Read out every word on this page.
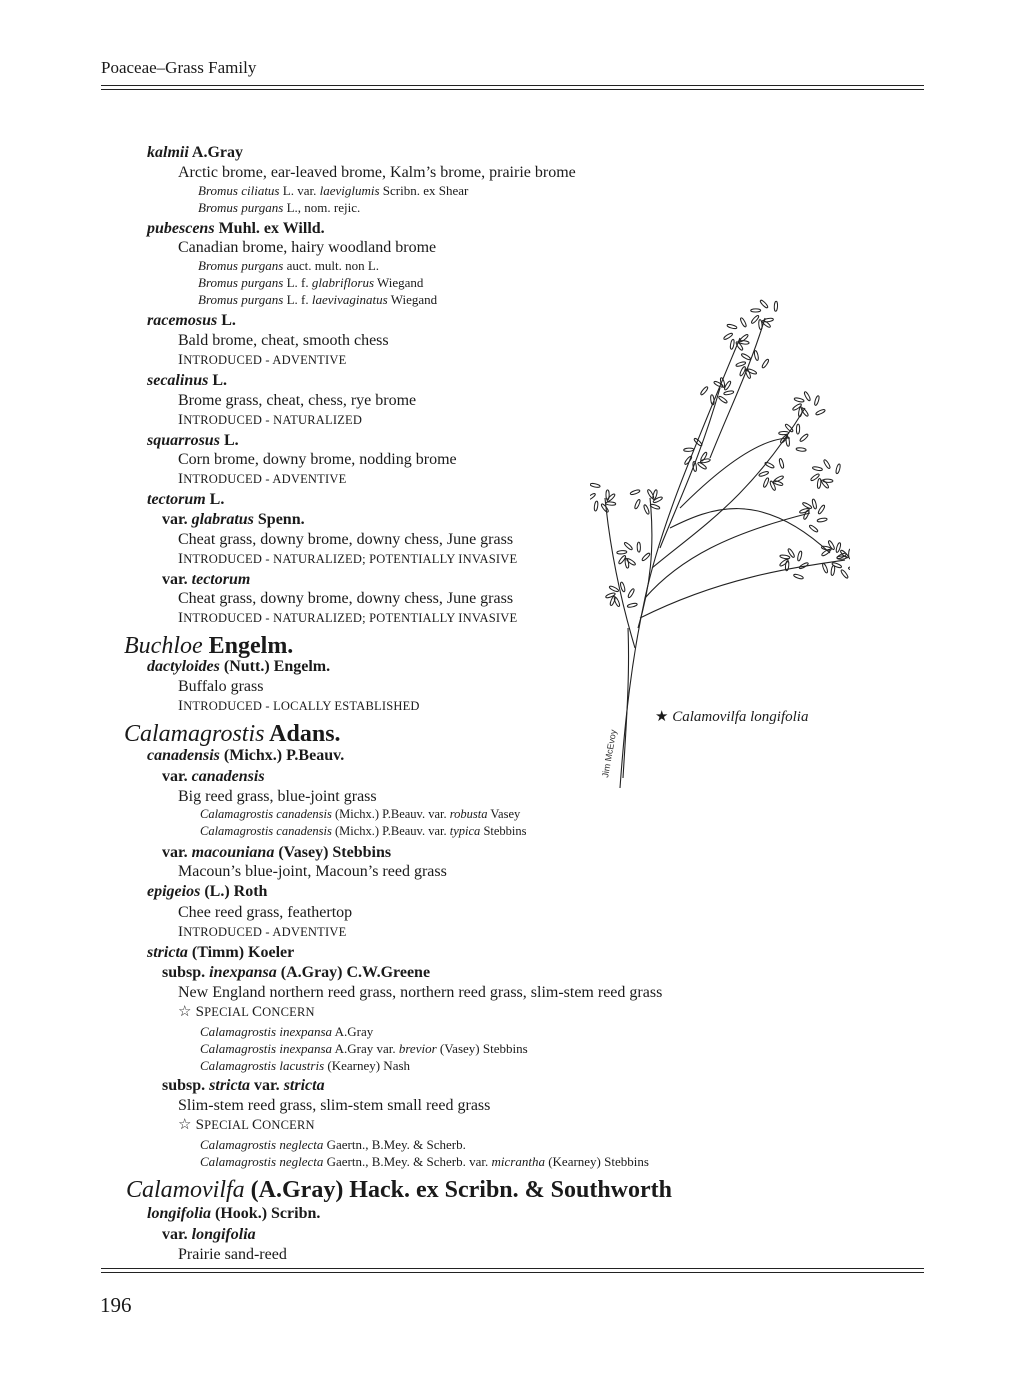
Poaceae–Grass Family
kalmii A.Gray
Arctic brome, ear-leaved brome, Kalm’s brome, prairie brome
Bromus ciliatus L. var. laeviglumis Scribn. ex Shear
Bromus purgans L., nom. rejic.
pubescens Muhl. ex Willd.
Canadian brome, hairy woodland brome
Bromus purgans auct. mult. non L.
Bromus purgans L. f. glabriflorus Wiegand
Bromus purgans L. f. laevivaginatus Wiegand
racemosus L.
Bald brome, cheat, smooth chess
INTRODUCED - ADVENTIVE
secalinus L.
Brome grass, cheat, chess, rye brome
INTRODUCED - NATURALIZED
squarrosus L.
Corn brome, downy brome, nodding brome
INTRODUCED - ADVENTIVE
tectorum L.
var. glabratus Spenn.
Cheat grass, downy brome, downy chess, June grass
INTRODUCED - NATURALIZED; POTENTIALLY INVASIVE
var. tectorum
Cheat grass, downy brome, downy chess, June grass
INTRODUCED - NATURALIZED; POTENTIALLY INVASIVE
Buchloe Engelm.
dactyloides (Nutt.) Engelm.
Buffalo grass
INTRODUCED - LOCALLY ESTABLISHED
Calamagrostis Adans.
canadensis (Michx.) P.Beauv.
var. canadensis
Big reed grass, blue-joint grass
Calamagrostis canadensis (Michx.) P.Beauv. var. robusta Vasey
Calamagrostis canadensis (Michx.) P.Beauv. var. typica Stebbins
var. macouniana (Vasey) Stebbins
Macoun’s blue-joint, Macoun’s reed grass
epigeios (L.) Roth
Chee reed grass, feathertop
INTRODUCED - ADVENTIVE
stricta (Timm) Koeler
subsp. inexpansa (A.Gray) C.W.Greene
New England northern reed grass, northern reed grass, slim-stem reed grass
☆ SPECIAL CONCERN
Calamagrostis inexpansa A.Gray
Calamagrostis inexpansa A.Gray var. brevior (Vasey) Stebbins
Calamagrostis lacustris (Kearney) Nash
subsp. stricta var. stricta
Slim-stem reed grass, slim-stem small reed grass
☆ SPECIAL CONCERN
Calamagrostis neglecta Gaertn., B.Mey. & Scherb.
Calamagrostis neglecta Gaertn., B.Mey. & Scherb. var. micrantha (Kearney) Stebbins
Calamovilfa (A.Gray) Hack. ex Scribn. & Southworth
longifolia (Hook.) Scribn.
var. longifolia
Prairie sand-reed
Jim McEvoy
★ Calamovilfa longifolia
196
